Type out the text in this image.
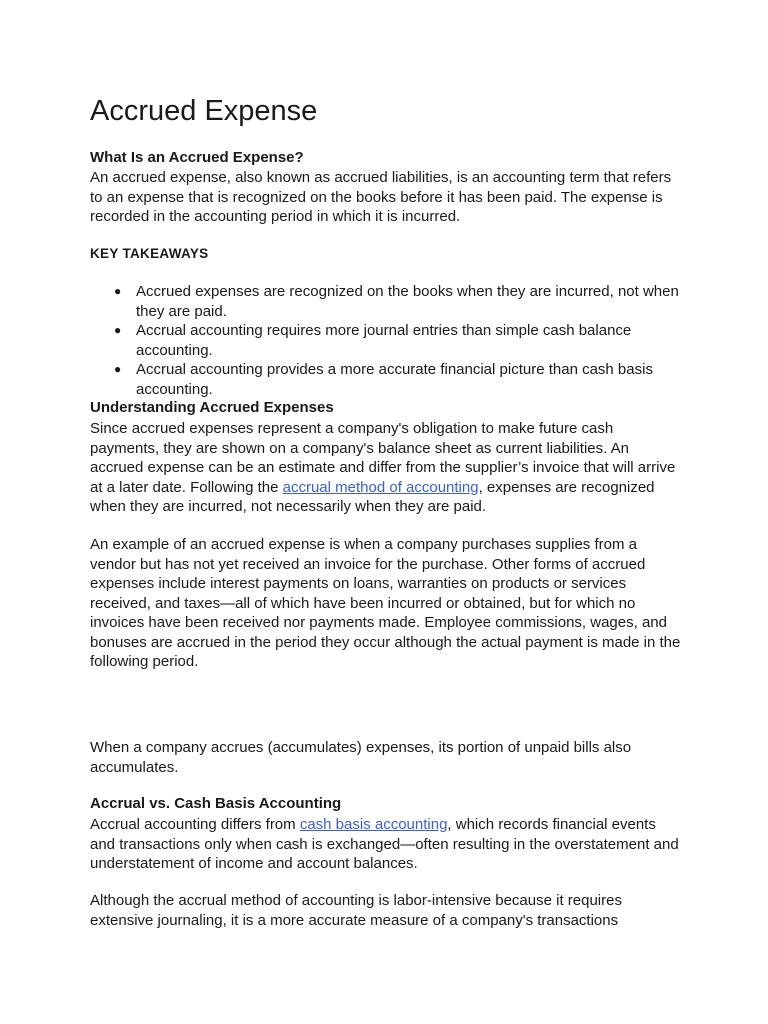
Accrued Expense
What Is an Accrued Expense?

An accrued expense, also known as accrued liabilities, is an accounting term that refers to an expense that is recognized on the books before it has been paid. The expense is recorded in the accounting period in which it is incurred.

KEY TAKEAWAYS
● Accrued expenses are recognized on the books when they are incurred, not when they are paid.
● Accrual accounting requires more journal entries than simple cash balance accounting.
● Accrual accounting provides a more accurate financial picture than cash basis accounting.
Understanding Accrued Expenses

Since accrued expenses represent a company's obligation to make future cash payments, they are shown on a company's balance sheet as current liabilities. An accrued expense can be an estimate and differ from the supplier’s invoice that will arrive at a later date. Following the accrual method of accounting, expenses are recognized when they are incurred, not necessarily when they are paid.

An example of an accrued expense is when a company purchases supplies from a vendor but has not yet received an invoice for the purchase. Other forms of accrued expenses include interest payments on loans, warranties on products or services received, and taxes—all of which have been incurred or obtained, but for which no invoices have been received nor payments made. Employee commissions, wages, and bonuses are accrued in the period they occur although the actual payment is made in the following period.

When a company accrues (accumulates) expenses, its portion of unpaid bills also accumulates.

Accrual vs. Cash Basis Accounting

Accrual accounting differs from cash basis accounting, which records financial events and transactions only when cash is exchanged—often resulting in the overstatement and understatement of income and account balances.

Although the accrual method of accounting is labor-intensive because it requires extensive journaling, it is a more accurate measure of a company's transactions
